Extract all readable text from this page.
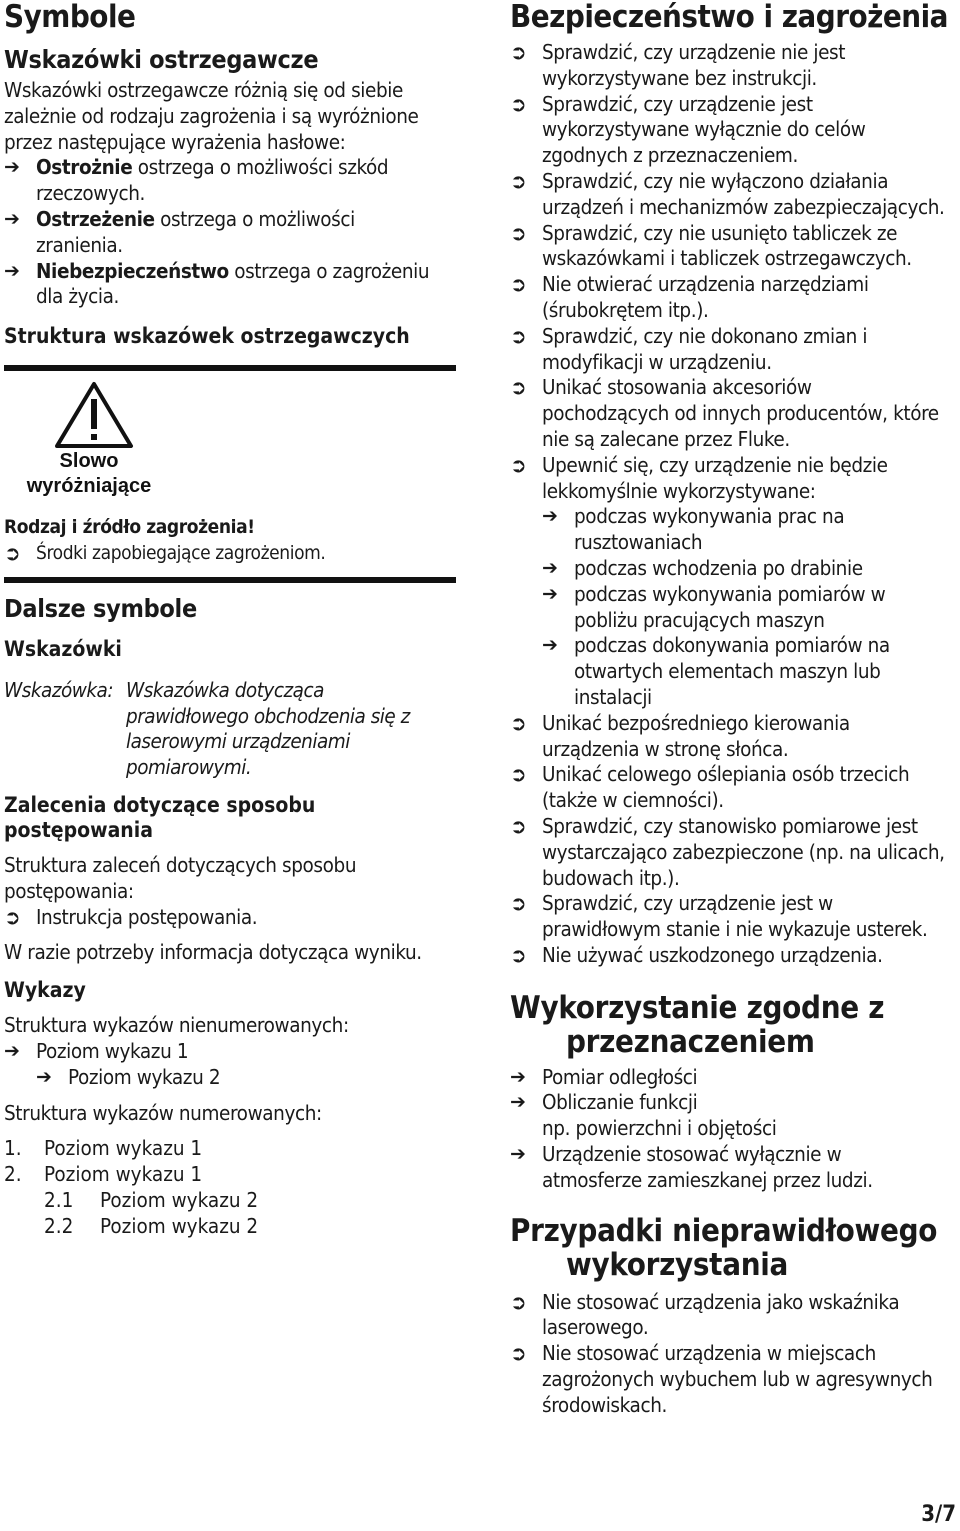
Symbole
Wskazówki ostrzegawcze
Wskazówki ostrzegawcze różnią się od siebie zależnie od rodzaju zagrożenia i są wyróżnione przez następujące wyrażenia hasłowe:
➔ Ostrożnie ostrzega o możliwości szkód
rzeczowych.
➔ Ostrzeżenie ostrzega o możliwości
zranienia.
➔ Niebezpieczeństwo ostrzega o zagrożeniu
dla życia.
Struktura wskazówek ostrzegawczych
Slowo wyróżniające
Rodzaj i źródło zagrożenia!
➲ Środki zapobiegające zagrożeniom.
Dalsze symbole
Wskazówki
Wskazówka: Wskazówka dotycząca
prawidłowego obchodzenia się z
laserowymi urządzeniami
pomiarowymi.
Zalecenia dotyczące sposobu postępowania
Struktura zaleceń dotyczących sposobu postępowania:
➲ Instrukcja postępowania.
W razie potrzeby informacja dotycząca wyniku.
Wykazy
Struktura wykazów nienumerowanych:
➔ Poziom wykazu 1
➔ Poziom wykazu 2
Struktura wykazów numerowanych:
1.	Poziom wykazu 1
2.	Poziom wykazu 1
2.1	Poziom wykazu 2
2.2	Poziom wykazu 2
Bezpieczeństwo i zagrożenia
➲ Sprawdzić, czy urządzenie nie jest
wykorzystywane bez instrukcji.
➲ Sprawdzić, czy urządzenie jest
wykorzystywane wyłącznie do celów
zgodnych z przeznaczeniem.
➲ Sprawdzić, czy nie wyłączono działania
urządzeń i mechanizmów zabezpieczających.
➲ Sprawdzić, czy nie usunięto tabliczek ze
wskazówkami i tabliczek ostrzegawczych.
➲ Nie otwierać urządzenia narzędziami
(śrubokrętem itp.).
➲ Sprawdzić, czy nie dokonano zmian i
modyfikacji w urządzeniu.
➲ Unikać stosowania akcesoriów
pochodzących od innych producentów, które
nie są zalecane przez Fluke.
➲ Upewnić się, czy urządzenie nie będzie
lekkomyślnie wykorzystywane:
➔ podczas wykonywania prac na
rusztowaniach
➔ podczas wchodzenia po drabinie
➔ podczas wykonywania pomiarów w
pobliżu pracujących maszyn
➔ podczas dokonywania pomiarów na
otwartych elementach maszyn lub
instalacji
➲ Unikać bezpośredniego kierowania
urządzenia w stronę słońca.
➲ Unikać celowego oślepiania osób trzecich
(także w ciemności).
➲ Sprawdzić, czy stanowisko pomiarowe jest
wystarczająco zabezpieczone (np. na ulicach,
budowach itp.).
➲ Sprawdzić, czy urządzenie jest w
prawidłowym stanie i nie wykazuje usterek.
➲ Nie używać uszkodzonego urządzenia.
Wykorzystanie zgodne z
przeznaczeniem
➔ Pomiar odległości
➔ Obliczanie funkcji
np. powierzchni i objętości
➔ Urządzenie stosować wyłącznie w
atmosferze zamieszkanej przez ludzi.
Przypadki nieprawidłowego
wykorzystania
➲ Nie stosować urządzenia jako wskaźnika
laserowego.
➲ Nie stosować urządzenia w miejscach
zagrożonych wybuchem lub w agresywnych
środowiskach.
3/7
